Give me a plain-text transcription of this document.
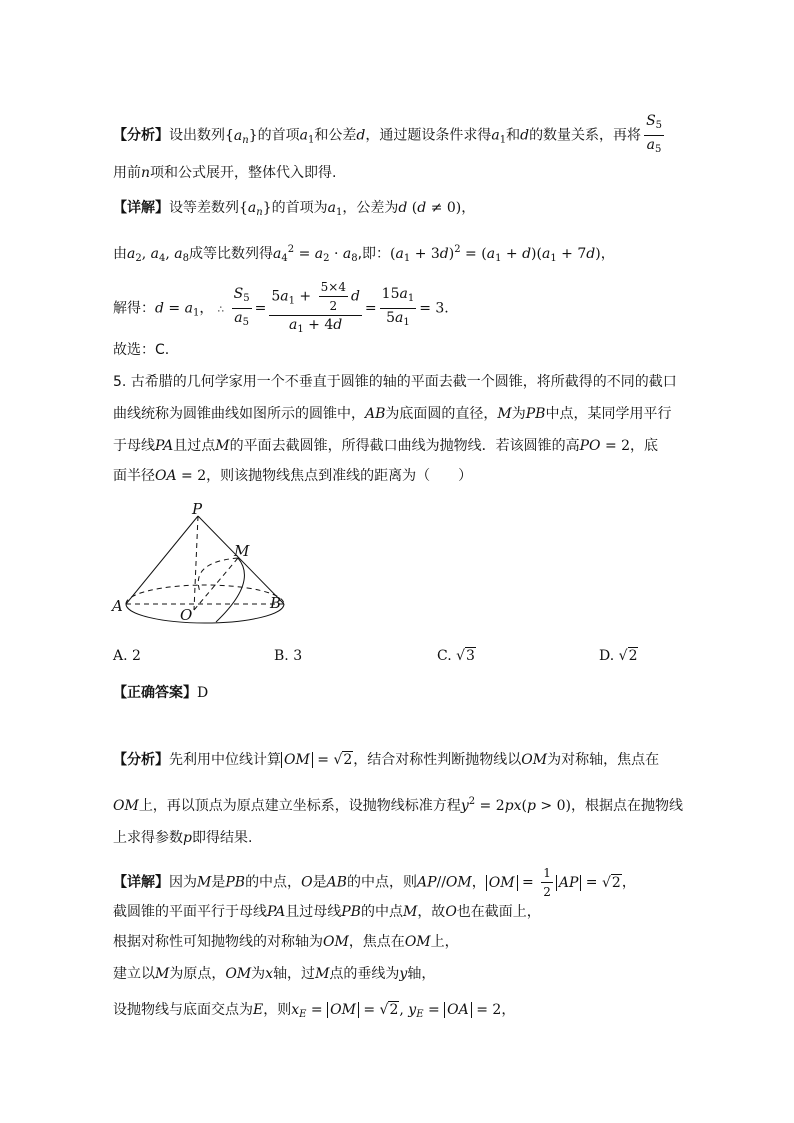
【分析】设出数列$\{a_n\}$的首项$a_1$和公差d，通过题设条件求得$a_1$和d的数量关系，再将 $\frac{S_5}{a_5}$
用前n项和公式展开，整体代入即得.
【详解】设等差数列$\{a_n\}$的首项为$a_1$，公差为d (d ≠ 0)，
由$a_2$, $a_4$, $a_8$成等比数列得$a_4^2 = a_2 \cdot a_8$,即：$(a_1 + 3d)^2 = (a_1 + d)(a_1 + 7d)$，
解得：$d = a_1$， ∴ $\frac{S_5}{a_5} = \frac{5a_1 + \frac{5\times 4}{2} d}{a_1 + 4d} = \frac{15a_1}{5a_1} = 3$.
故选：C.
5. 古希腊的几何学家用一个不垂直于圆锥的轴的平面去截一个圆锥，将所截得的不同的截口
曲线统称为圆锥曲线如图所示的圆锥中，AB为底面圆的直径，M为PB中点，某同学用平行
于母线PA且过点M的平面去截圆锥，所得截口曲线为抛物线．若该圆锥的高PO = 2，底
面半径OA = 2，则该抛物线焦点到准线的距离为（　　）
P
M
A	O
B
A. 2	B. 3	C. √3	D. √2
【正确答案】D
【分析】先利用中位线计算 OM = √2，结合对称性判断抛物线以OM为对称轴，焦点在
OM上，再以顶点为原点建立坐标系，设抛物线标准方程$y^2 = 2px(p > 0)$，根据点在抛物线
上求得参数p即得结果.
【详解】因为M是PB的中点，O是AB的中点，则AP//OM， OM = $\frac{1}{2}$ AP = √2，
截圆锥的平面平行于母线PA且过母线PB的中点M，故O也在截面上，
根据对称性可知抛物线的对称轴为OM，焦点在OM上，
建立以M为原点，OM为x轴，过M点的垂线为y轴，
设抛物线与底面交点为E，则$x_E$ = OM = √2, $y_E$ = OA = 2，
